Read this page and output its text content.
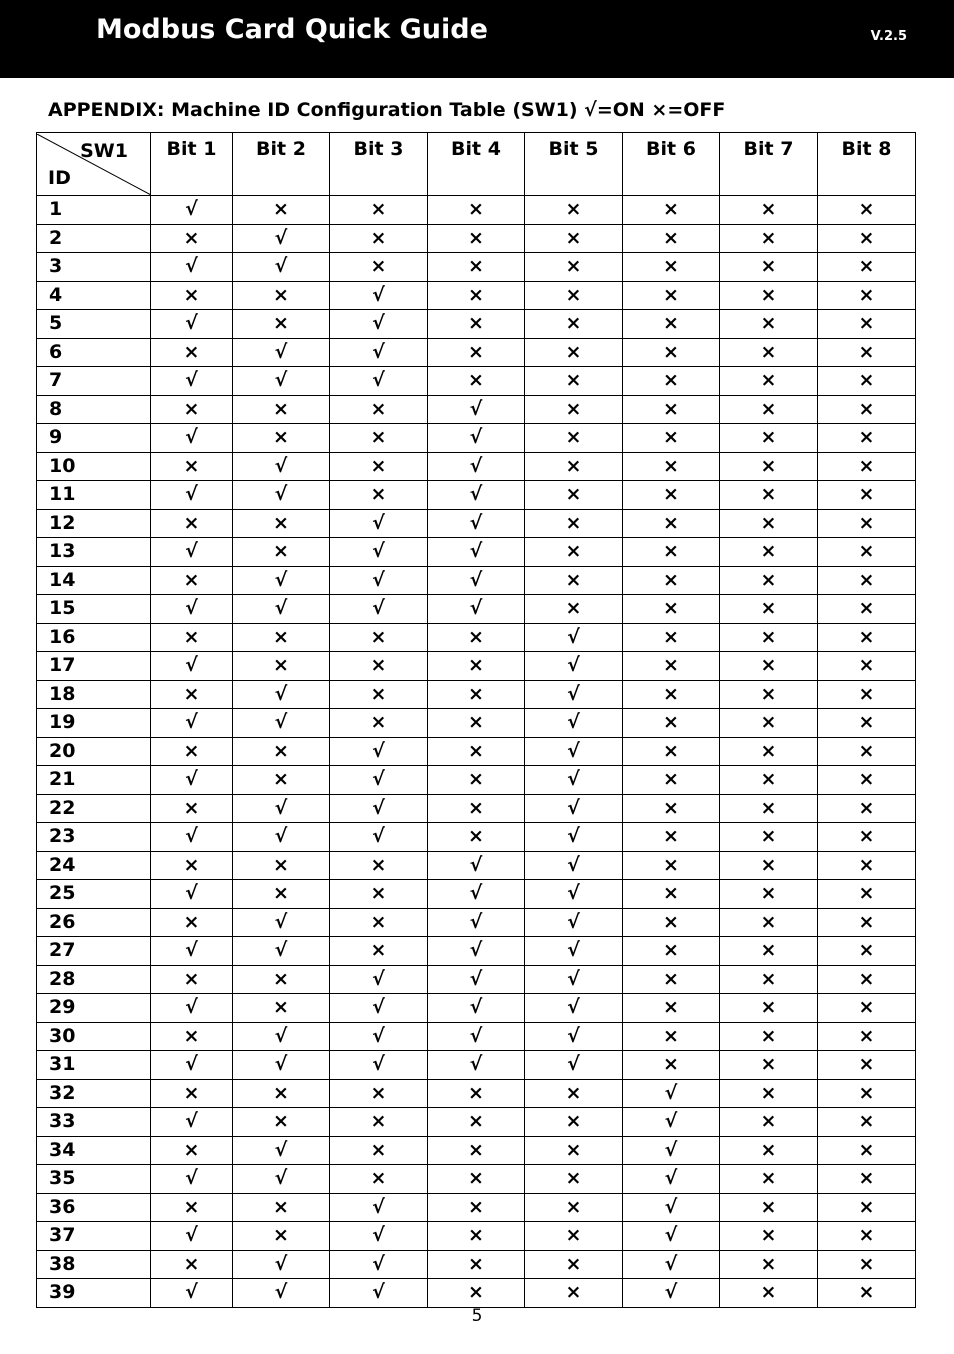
Modbus Card Quick Guide	V.2.5
APPENDIX: Machine ID Configuration Table (SW1) √=ON ×=OFF
SW1
ID	Bit 1	Bit 2	Bit 3	Bit 4	Bit 5	Bit 6	Bit 7	Bit 8
1	√	×	×	×	×	×	×	×
2	×	√	×	×	×	×	×	×
3	√	√	×	×	×	×	×	×
4	×	×	√	×	×	×	×	×
5	√	×	√	×	×	×	×	×
6	×	√	√	×	×	×	×	×
7	√	√	√	×	×	×	×	×
8	×	×	×	√	×	×	×	×
9	√	×	×	√	×	×	×	×
10	×	√	×	√	×	×	×	×
11	√	√	×	√	×	×	×	×
12	×	×	√	√	×	×	×	×
13	√	×	√	√	×	×	×	×
14	×	√	√	√	×	×	×	×
15	√	√	√	√	×	×	×	×
16	×	×	×	×	√	×	×	×
17	√	×	×	×	√	×	×	×
18	×	√	×	×	√	×	×	×
19	√	√	×	×	√	×	×	×
20	×	×	√	×	√	×	×	×
21	√	×	√	×	√	×	×	×
22	×	√	√	×	√	×	×	×
23	√	√	√	×	√	×	×	×
24	×	×	×	√	√	×	×	×
25	√	×	×	√	√	×	×	×
26	×	√	×	√	√	×	×	×
27	√	√	×	√	√	×	×	×
28	×	×	√	√	√	×	×	×
29	√	×	√	√	√	×	×	×
30	×	√	√	√	√	×	×	×
31	√	√	√	√	√	×	×	×
32	×	×	×	×	×	√	×	×
33	√	×	×	×	×	√	×	×
34	×	√	×	×	×	√	×	×
35	√	√	×	×	×	√	×	×
36	×	×	√	×	×	√	×	×
37	√	×	√	×	×	√	×	×
38	×	√	√	×	×	√	×	×
39	√	√	√	×	×	√	×	×
5
